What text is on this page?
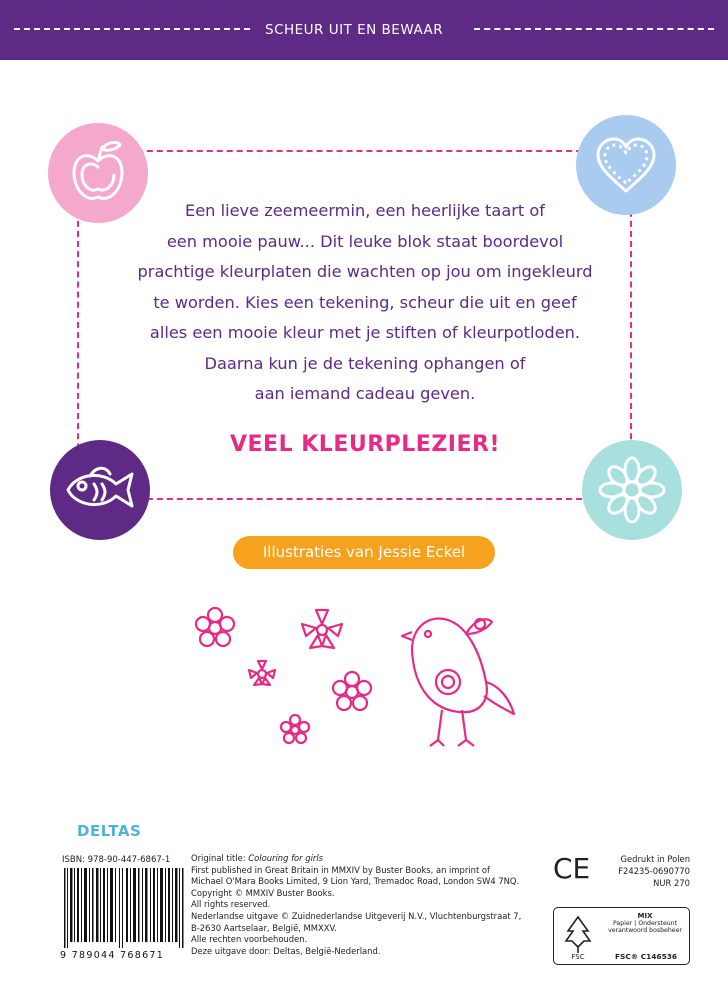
SCHEUR UIT EN BEWAAR

Een lieve zeemeermin, een heerlijke taart of

een mooie pauw... Dit leuke blok staat boordevol

prachtige kleurplaten die wachten op jou om ingekleurd

te worden. Kies een tekening, scheur die uit en geef

alles een mooie kleur met je stiften of kleurpotloden.

Daarna kun je de tekening ophangen of

aan iemand cadeau geven.

VEEL KLEURPLEZIER!
Illustraties van Jessie Eckel
DELTAS
ISBN: 978-90-447-6867-1
9 789044 768671
Original title: Colouring for girls
First published in Great Britain in MMXIV by Buster Books, an imprint of
Michael O'Mara Books Limited, 9 Lion Yard, Tremadoc Road, London SW4 7NQ.
Copyright © MMXIV Buster Books.
All rights reserved.
Nederlandse uitgave © Zuidnederlandse Uitgeverij N.V., Vluchtenburgstraat 7,
B-2630 Aartselaar, België, MMXXV.
Alle rechten voorbehouden.
Deze uitgave door: Deltas, België-Nederland.
CE	Gedrukt in Polen
F24235-0690770
NUR 270
FSC
MIX
Papier | Ondersteunt
verantwoord bosbeheer
FSC® C146536
